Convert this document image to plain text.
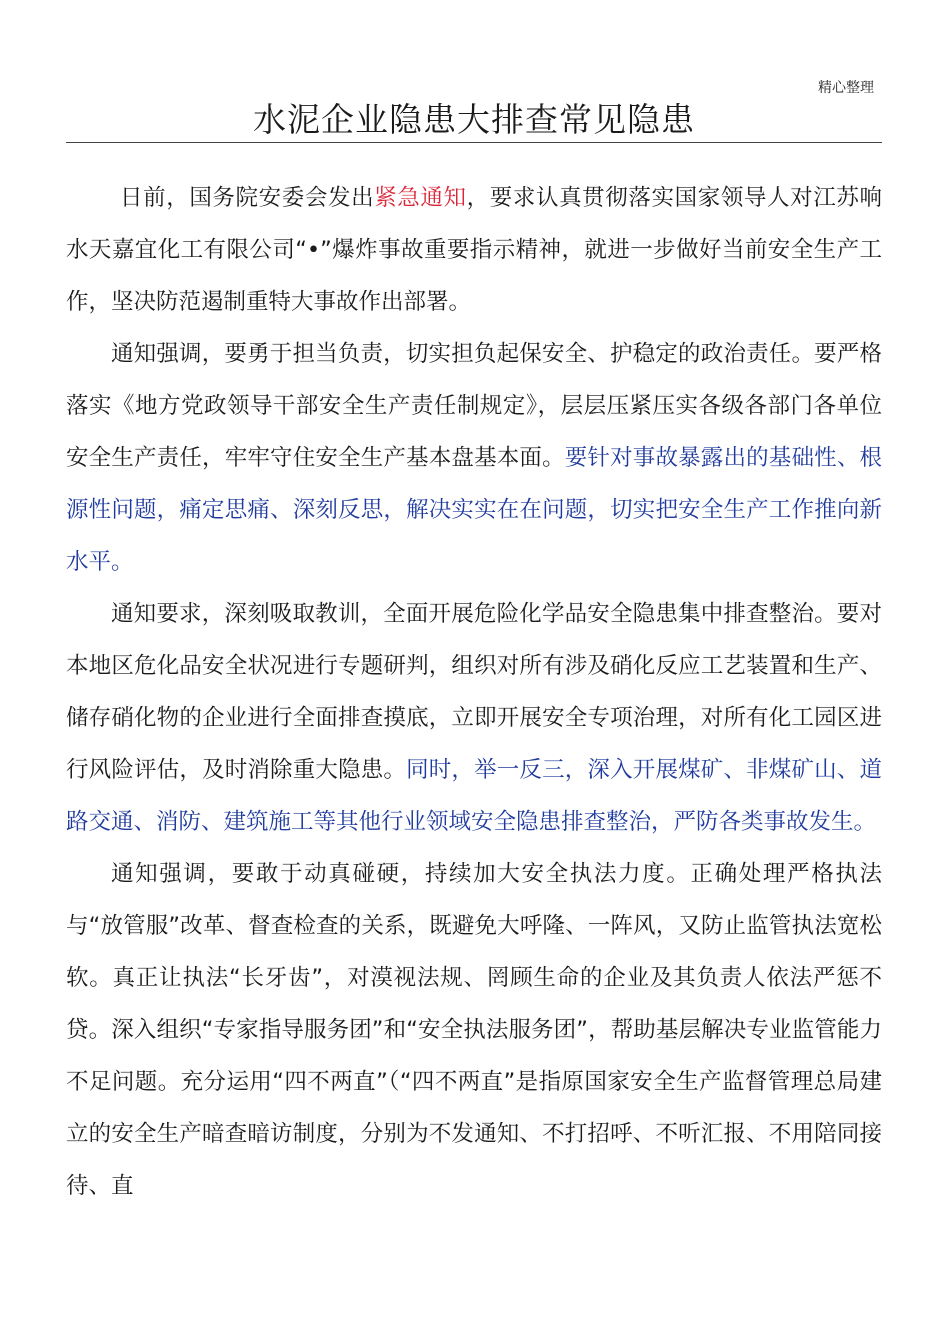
精心整理
水泥企业隐患大排查常见隐患

日前，国务院安委会发出紧急通知，要求认真贯彻落实国家领导人对江苏响水天嘉宜化工有限公司“•”爆炸事故重要指示精神，就进一步做好当前安全生产工作，坚决防范遏制重特大事故作出部署。

通知强调，要勇于担当负责，切实担负起保安全、护稳定的政治责任。要严格落实《地方党政领导干部安全生产责任制规定》，层层压紧压实各级各部门各单位安全生产责任，牢牢守住安全生产基本盘基本面。要针对事故暴露出的基础性、根源性问题，痛定思痛、深刻反思，解决实实在在问题，切实把安全生产工作推向新水平。

通知要求，深刻吸取教训，全面开展危险化学品安全隐患集中排查整治。要对本地区危化品安全状况进行专题研判，组织对所有涉及硝化反应工艺装置和生产、储存硝化物的企业进行全面排查摸底，立即开展安全专项治理，对所有化工园区进行风险评估，及时消除重大隐患。同时，举一反三，深入开展煤矿、非煤矿山、道路交通、消防、建筑施工等其他行业领域安全隐患排查整治，严防各类事故发生。

通知强调，要敢于动真碰硬，持续加大安全执法力度。正确处理严格执法与“放管服”改革、督查检查的关系，既避免大呼隆、一阵风，又防止监管执法宽松软。真正让执法“长牙齿”，对漠视法规、罔顾生命的企业及其负责人依法严惩不贷。深入组织“专家指导服务团”和“安全执法服务团”，帮助基层解决专业监管能力不足问题。充分运用“四不两直”（“四不两直”是指原国家安全生产监督管理总局建立的安全生产暗查暗访制度，分别为不发通知、不打招呼、不听汇报、不用陪同接待、直
